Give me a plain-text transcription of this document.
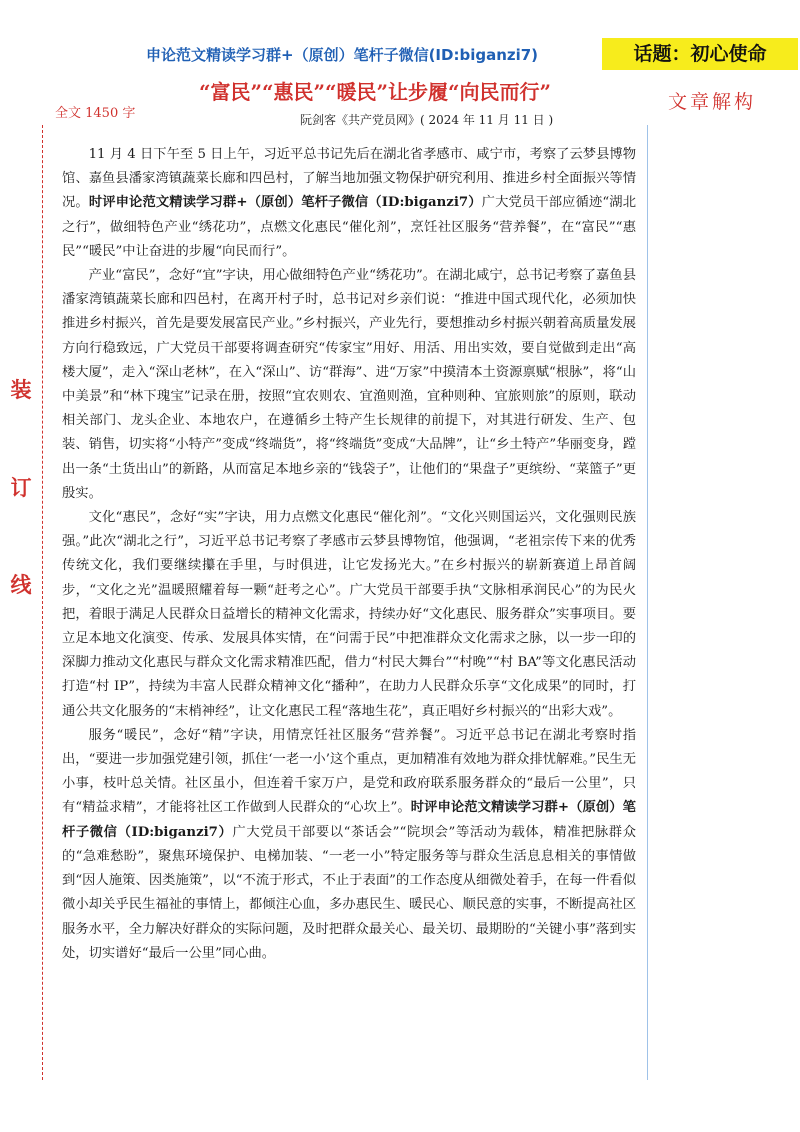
申论范文精读学习群+（原创）笔杆子微信(ID:biganzi7)	话题：初心使命
“富民”“惠民”“暖民”让步履“向民而行”	文章解构
全文 1450 字	阮剑客《共产党员网》( 2024 年 11 月 11 日 )
装
订
线

11 月 4 日下午至 5 日上午，习近平总书记先后在湖北省孝感市、咸宁市，考察了云梦县博物馆、嘉鱼县潘家湾镇蔬菜长廊和四邑村，了解当地加强文物保护研究利用、推进乡村全面振兴等情况。时评申论范文精读学习群+（原创）笔杆子微信（ID:biganzi7）广大党员干部应循迹“湖北之行”，做细特色产业“绣花功”，点燃文化惠民“催化剂”，烹饪社区服务“营养餐”，在“富民”“惠民”“暖民”中让奋进的步履“向民而行”。

产业“富民”，念好“宜”字诀，用心做细特色产业“绣花功”。在湖北咸宁，总书记考察了嘉鱼县潘家湾镇蔬菜长廊和四邑村，在离开村子时，总书记对乡亲们说：“推进中国式现代化，必须加快推进乡村振兴，首先是要发展富民产业。”乡村振兴，产业先行，要想推动乡村振兴朝着高质量发展方向行稳致远，广大党员干部要将调查研究“传家宝”用好、用活、用出实效，要自觉做到走出“高楼大厦”，走入“深山老林”，在入“深山”、访“群海”、进“万家”中摸清本土资源禀赋“根脉”，将“山中美景”和“林下瑰宝”记录在册，按照“宜农则农、宜渔则渔，宜种则种、宜旅则旅”的原则，联动相关部门、龙头企业、本地农户，在遵循乡土特产生长规律的前提下，对其进行研发、生产、包装、销售，切实将“小特产”变成“终端货”，将“终端货”变成“大品牌”，让“乡土特产”华丽变身，蹚出一条“土货出山”的新路，从而富足本地乡亲的“钱袋子”，让他们的“果盘子”更缤纷、“菜篮子”更殷实。

文化“惠民”，念好“实”字诀，用力点燃文化惠民“催化剂”。“文化兴则国运兴，文化强则民族强。”此次“湖北之行”，习近平总书记考察了孝感市云梦县博物馆，他强调，“老祖宗传下来的优秀传统文化，我们要继续攥在手里，与时俱进，让它发扬光大。”在乡村振兴的崭新赛道上昂首阔步，“文化之光”温暖照耀着每一颗“赶考之心”。广大党员干部要手执“文脉相承润民心”的为民火把，着眼于满足人民群众日益增长的精神文化需求，持续办好“文化惠民、服务群众”实事项目。要立足本地文化演变、传承、发展具体实情，在“问需于民”中把准群众文化需求之脉，以一步一印的深脚力推动文化惠民与群众文化需求精准匹配，借力“村民大舞台”“村晚”“村 BA”等文化惠民活动打造“村 IP”，持续为丰富人民群众精神文化“播种”，在助力人民群众乐享“文化成果”的同时，打通公共文化服务的“末梢神经”，让文化惠民工程“落地生花”，真正唱好乡村振兴的“出彩大戏”。

服务“暖民”，念好“精”字诀，用情烹饪社区服务“营养餐”。习近平总书记在湖北考察时指出，“要进一步加强党建引领，抓住‘一老一小’这个重点，更加精准有效地为群众排忧解难。”民生无小事，枝叶总关情。社区虽小，但连着千家万户，是党和政府联系服务群众的“最后一公里”，只有“精益求精”，才能将社区工作做到人民群众的“心坎上”。时评申论范文精读学习群+（原创）笔杆子微信（ID:biganzi7）广大党员干部要以“茶话会”“院坝会”等活动为载体，精准把脉群众的“急难愁盼”，聚焦环境保护、电梯加装、“一老一小”特定服务等与群众生活息息相关的事情做到“因人施策、因类施策”，以“不流于形式，不止于表面”的工作态度从细微处着手，在每一件看似微小却关乎民生福祉的事情上，都倾注心血，多办惠民生、暖民心、顺民意的实事，不断提高社区服务水平，全力解决好群众的实际问题，及时把群众最关心、最关切、最期盼的“关键小事”落到实处，切实谱好“最后一公里”同心曲。
